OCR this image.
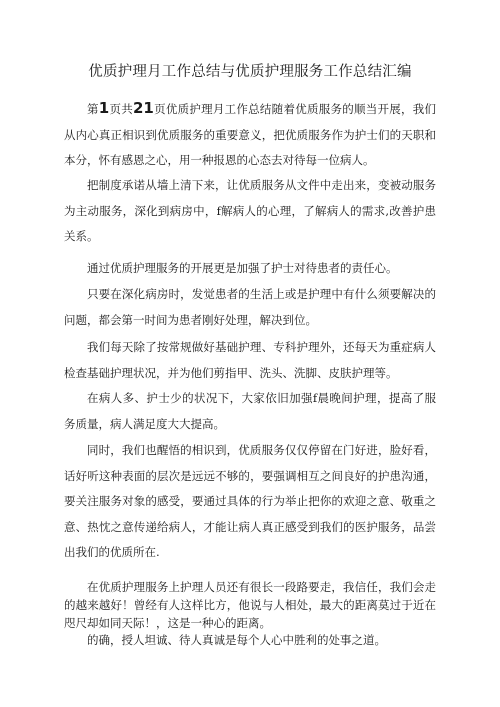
优质护理月工作总结与优质护理服务工作总结汇编

第1页共21页优质护理月工作总结随着优质服务的顺当开展，我们从内心真正相识到优质服务的重要意义，把优质服务作为护士们的天职和本分，怀有感恩之心，用一种报恩的心态去对待每一位病人。

把制度承诺从墙上清下来，让优质服务从文件中走出来，变被动服务为主动服务，深化到病房中，f解病人的心理，了解病人的需求,改善护患关系。

通过优质护理服务的开展更是加强了护士对待患者的责任心。

只要在深化病房时，发觉患者的生活上或是护理中有什么须要解决的问题，都会第一时间为患者刚好处理，解决到位。

我们每天除了按常规做好基础护理、专科护理外，还每天为重症病人检查基础护理状况，并为他们剪指甲、洗头、洗脚、皮肤护理等。

在病人多、护士少的状况下，大家依旧加强f晨晚间护理，提高了服务质量，病人满足度大大提高。

同时，我们也醒悟的相识到，优质服务仅仅停留在门好进，脸好看，话好听这种表面的层次是远远不够的，要强调相互之间良好的护患沟通，要关注服务对象的感受，要通过具体的行为举止把你的欢迎之意、敬重之意、热忱之意传递给病人，才能让病人真正感受到我们的医护服务，品尝出我们的优质所在.

在优质护理服务上护理人员还有很长一段路要走，我信任，我们会走的越来越好！曾经有人这样比方，他说与人相处，最大的距离莫过于近在咫尺却如同天际！，这是一种心的距离。

的确，授人坦诚、待人真诚是每个人心中胜利的处事之道。
